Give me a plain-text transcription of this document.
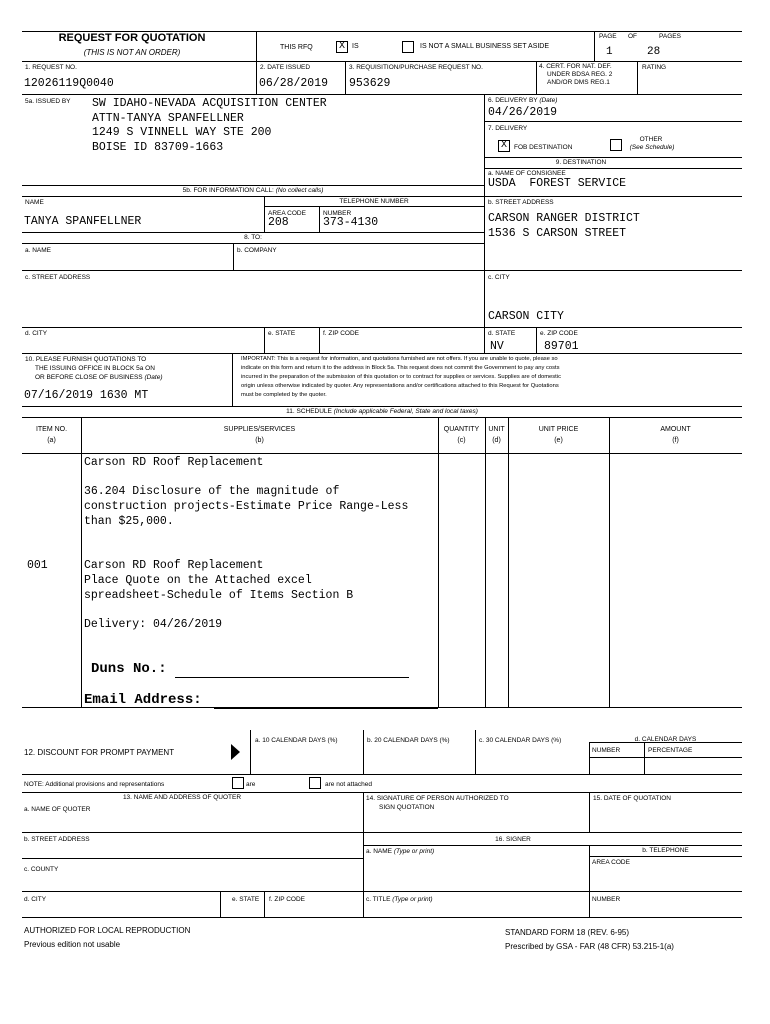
REQUEST FOR QUOTATION
(THIS IS NOT AN ORDER)
THIS RFQ	X	IS	IS NOT A SMALL BUSINESS SET ASIDE
PAGE OF	PAGES
1	28
1. REQUEST NO.
12026119Q0040
2. DATE ISSUED
06/28/2019
3. REQUISITION/PURCHASE REQUEST NO.
953629
4. CERT. FOR NAT. DEF.
UNDER BDSA REG. 2
AND/OR DMS REG.1
RATING
5a. ISSUED BY SW IDAHO-NEVADA ACQUISITION CENTER
ATTN-TANYA SPANFELLNER
1249 S VINNELL WAY STE 200
BOISE ID 83709-1663
6. DELIVERY BY (Date)
04/26/2019
7. DELIVERY
X	FOB DESTINATION
OTHER
(See Schedule)
9. DESTINATION
a. NAME OF CONSIGNEE
USDA  FOREST SERVICE
b. STREET ADDRESS
CARSON RANGER DISTRICT
1536 S CARSON STREET
c. CITY
CARSON CITY
d. STATE
NV
e. ZIP CODE
89701
5b. FOR INFORMATION CALL: (No collect calls)
NAME	TELEPHONE NUMBER
AREA CODE	NUMBER
TANYA SPANFELLNER	208	373-4130
8. TO:
a. NAME	b. COMPANY
c. STREET ADDRESS
d. CITY	e. STATE	f. ZIP CODE
10. PLEASE FURNISH QUOTATIONS TO
THE ISSUING OFFICE IN BLOCK 5a ON
OR BEFORE CLOSE OF BUSINESS (Date)
07/16/2019 1630 MT
IMPORTANT: This is a request for information, and quotations furnished are not offers. If you are unable to quote, please so
indicate on this form and return it to the address in Block 5a. This request does not commit the Government to pay any costs
incurred in the preparation of the submission of this quotation or to contract for supplies or services. Supplies are of domestic
origin unless otherwise indicated by quoter. Any representations and/or certifications attached to this Request for Quotations
must be completed by the quoter.
11. SCHEDULE (Include applicable Federal, State and local taxes)
ITEM NO.
(a)
SUPPLIES/SERVICES
(b)
QUANTITY
(c)
UNIT
(d)
UNIT PRICE
(e)
AMOUNT
(f)
Carson RD Roof Replacement
36.204 Disclosure of the magnitude of
construction projects-Estimate Price Range-Less
than $25,000.
001	Carson RD Roof Replacement
Place Quote on the Attached excel
spreadsheet-Schedule of Items Section B
Delivery: 04/26/2019
Duns No.:
Email Address:
12. DISCOUNT FOR PROMPT PAYMENT
a. 10 CALENDAR DAYS (%)	b. 20 CALENDAR DAYS (%)	c. 30 CALENDAR DAYS (%)	d. CALENDAR DAYS
NUMBER	PERCENTAGE
NOTE: Additional provisions and representations	are	are not attached
13. NAME AND ADDRESS OF QUOTER
a. NAME OF QUOTER
b. STREET ADDRESS
c. COUNTY
d. CITY	e. STATE f. ZIP CODE
14. SIGNATURE OF PERSON AUTHORIZED TO
SIGN QUOTATION
15. DATE OF QUOTATION
16. SIGNER
a. NAME (Type or print)	b. TELEPHONE
AREA CODE
c. TITLE (Type or print)	NUMBER
AUTHORIZED FOR LOCAL REPRODUCTION
Previous edition not usable
STANDARD FORM 18 (REV. 6-95)
Prescribed by GSA - FAR (48 CFR) 53.215-1(a)
